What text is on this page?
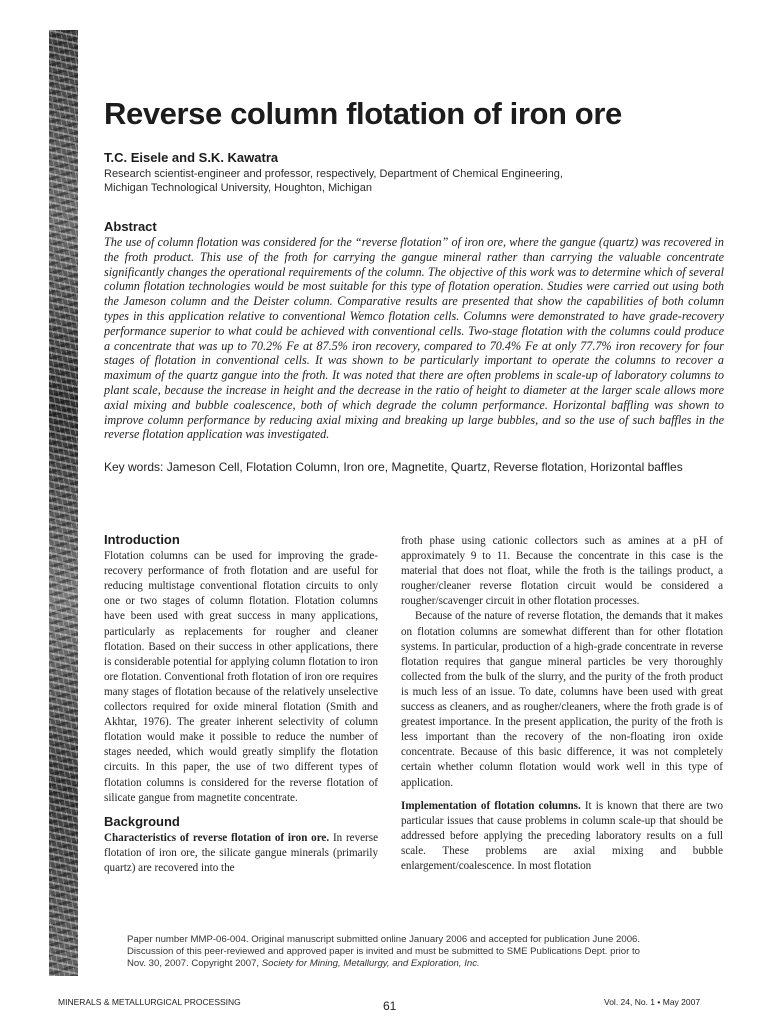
Reverse column flotation of iron ore
T.C. Eisele and S.K. Kawatra
Research scientist-engineer and professor, respectively, Department of Chemical Engineering,
Michigan Technological University, Houghton, Michigan
Abstract

The use of column flotation was considered for the “reverse flotation” of iron ore, where the gangue (quartz) was recovered in the froth product. This use of the froth for carrying the gangue mineral rather than carrying the valuable concentrate significantly changes the operational requirements of the column. The objective of this work was to determine which of several column flotation technologies would be most suitable for this type of flotation operation. Studies were carried out using both the Jameson column and the Deister column. Comparative results are presented that show the capabilities of both column types in this application relative to conventional Wemco flotation cells. Columns were demonstrated to have grade-recovery performance superior to what could be achieved with conventional cells. Two-stage flotation with the columns could produce a concentrate that was up to 70.2% Fe at 87.5% iron recovery, compared to 70.4% Fe at only 77.7% iron recovery for four stages of flotation in conventional cells. It was shown to be particularly important to operate the columns to recover a maximum of the quartz gangue into the froth. It was noted that there are often problems in scale-up of laboratory columns to plant scale, because the increase in height and the decrease in the ratio of height to diameter at the larger scale allows more axial mixing and bubble coalescence, both of which degrade the column performance. Horizontal baffling was shown to improve column performance by reducing axial mixing and breaking up large bubbles, and so the use of such baffles in the reverse flotation application was investigated.

Key words: Jameson Cell, Flotation Column, Iron ore, Magnetite, Quartz, Reverse flotation, Horizontal baffles
Introduction

Flotation columns can be used for improving the grade-recovery performance of froth flotation and are useful for reducing multistage conventional flotation circuits to only one or two stages of column flotation. Flotation columns have been used with great success in many applications, particularly as replacements for rougher and cleaner flotation. Based on their success in other applications, there is considerable potential for applying column flotation to iron ore flotation. Conventional froth flotation of iron ore requires many stages of flotation because of the relatively unselective collectors required for oxide mineral flotation (Smith and Akhtar, 1976). The greater inherent selectivity of column flotation would make it possible to reduce the number of stages needed, which would greatly simplify the flotation circuits. In this paper, the use of two different types of flotation columns is considered for the reverse flotation of silicate gangue from magnetite concentrate.

Background

Characteristics of reverse flotation of iron ore. In reverse flotation of iron ore, the silicate gangue minerals (primarily quartz) are recovered into the

froth phase using cationic collectors such as amines at a pH of approximately 9 to 11. Because the concentrate in this case is the material that does not float, while the froth is the tailings product, a rougher/cleaner reverse flotation circuit would be considered a rougher/scavenger circuit in other flotation processes.

Because of the nature of reverse flotation, the demands that it makes on flotation columns are somewhat different than for other flotation systems. In particular, production of a high-grade concentrate in reverse flotation requires that gangue mineral particles be very thoroughly collected from the bulk of the slurry, and the purity of the froth product is much less of an issue. To date, columns have been used with great success as cleaners, and as rougher/cleaners, where the froth grade is of greatest importance. In the present application, the purity of the froth is less important than the recovery of the non-floating iron oxide concentrate. Because of this basic difference, it was not completely certain whether column flotation would work well in this type of application.

Implementation of flotation columns. It is known that there are two particular issues that cause problems in column scale-up that should be addressed before applying the preceding laboratory results on a full scale. These problems are axial mixing and bubble enlargement/coalescence. In most flotation

Paper number MMP-06-004. Original manuscript submitted online January 2006 and accepted for publication June 2006.
Discussion of this peer-reviewed and approved paper is invited and must be submitted to SME Publications Dept. prior to
Nov. 30, 2007. Copyright 2007, Society for Mining, Metallurgy, and Exploration, Inc.
MINERALS & METALLURGICAL PROCESSING	61	Vol. 24, No. 1 • May 2007
